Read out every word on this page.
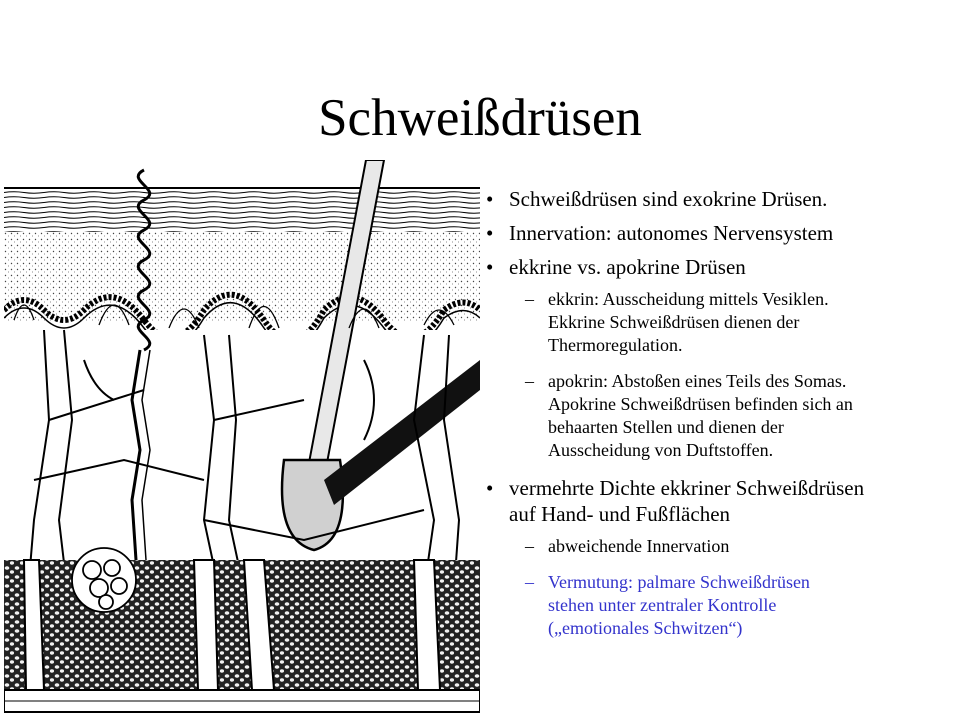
Schweißdrüsen
• Schweißdrüsen sind exokrine Drüsen.
• Innervation: autonomes Nervensystem
• ekkrine vs. apokrine Drüsen
– ekkrin: Ausscheidung mittels Vesiklen.

Ekkrine Schweißdrüsen dienen der

Thermoregulation.

– apokrin: Abstoßen eines Teils des Somas.

Apokrine Schweißdrüsen befinden sich an

behaarten Stellen und dienen der

Ausscheidung von Duftstoffen.

• vermehrte Dichte ekkriner Schweißdrüsen
auf Hand- und Fußflächen
– abweichende Innervation

– Vermutung: palmare Schweißdrüsen

stehen unter zentraler Kontrolle

(„emotionales Schwitzen“)
